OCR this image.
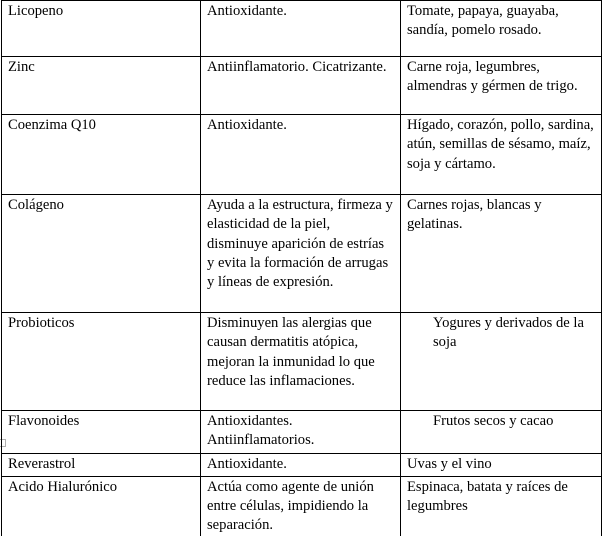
Licopeno	Antioxidante.	Tomate, papaya, guayaba, sandía, pomelo rosado.
Zinc	Antiinflamatorio. Cicatrizante.	Carne roja, legumbres, almendras y gérmen de trigo.
Coenzima Q10	Antioxidante.	Hígado, corazón, pollo, sardina, atún, semillas de sésamo, maíz, soja y cártamo.
Colágeno	Ayuda a la estructura, firmeza y elasticidad de la piel, disminuye aparición de estrías y evita la formación de arrugas y líneas de expresión.	Carnes rojas, blancas y gelatinas.
Probioticos	Disminuyen las alergias que causan dermatitis atópica, mejoran la inmunidad lo que reduce las inflamaciones.	Yogures y derivados de la soja
Flavonoides	Antioxidantes. Antiinflamatorios.	Frutos secos y cacao
Reverastrol	Antioxidante.	Uvas y el vino
Acido Hialurónico	Actúa como agente de unión entre células, impidiendo la separación.	Espinaca, batata y raíces de legumbres
